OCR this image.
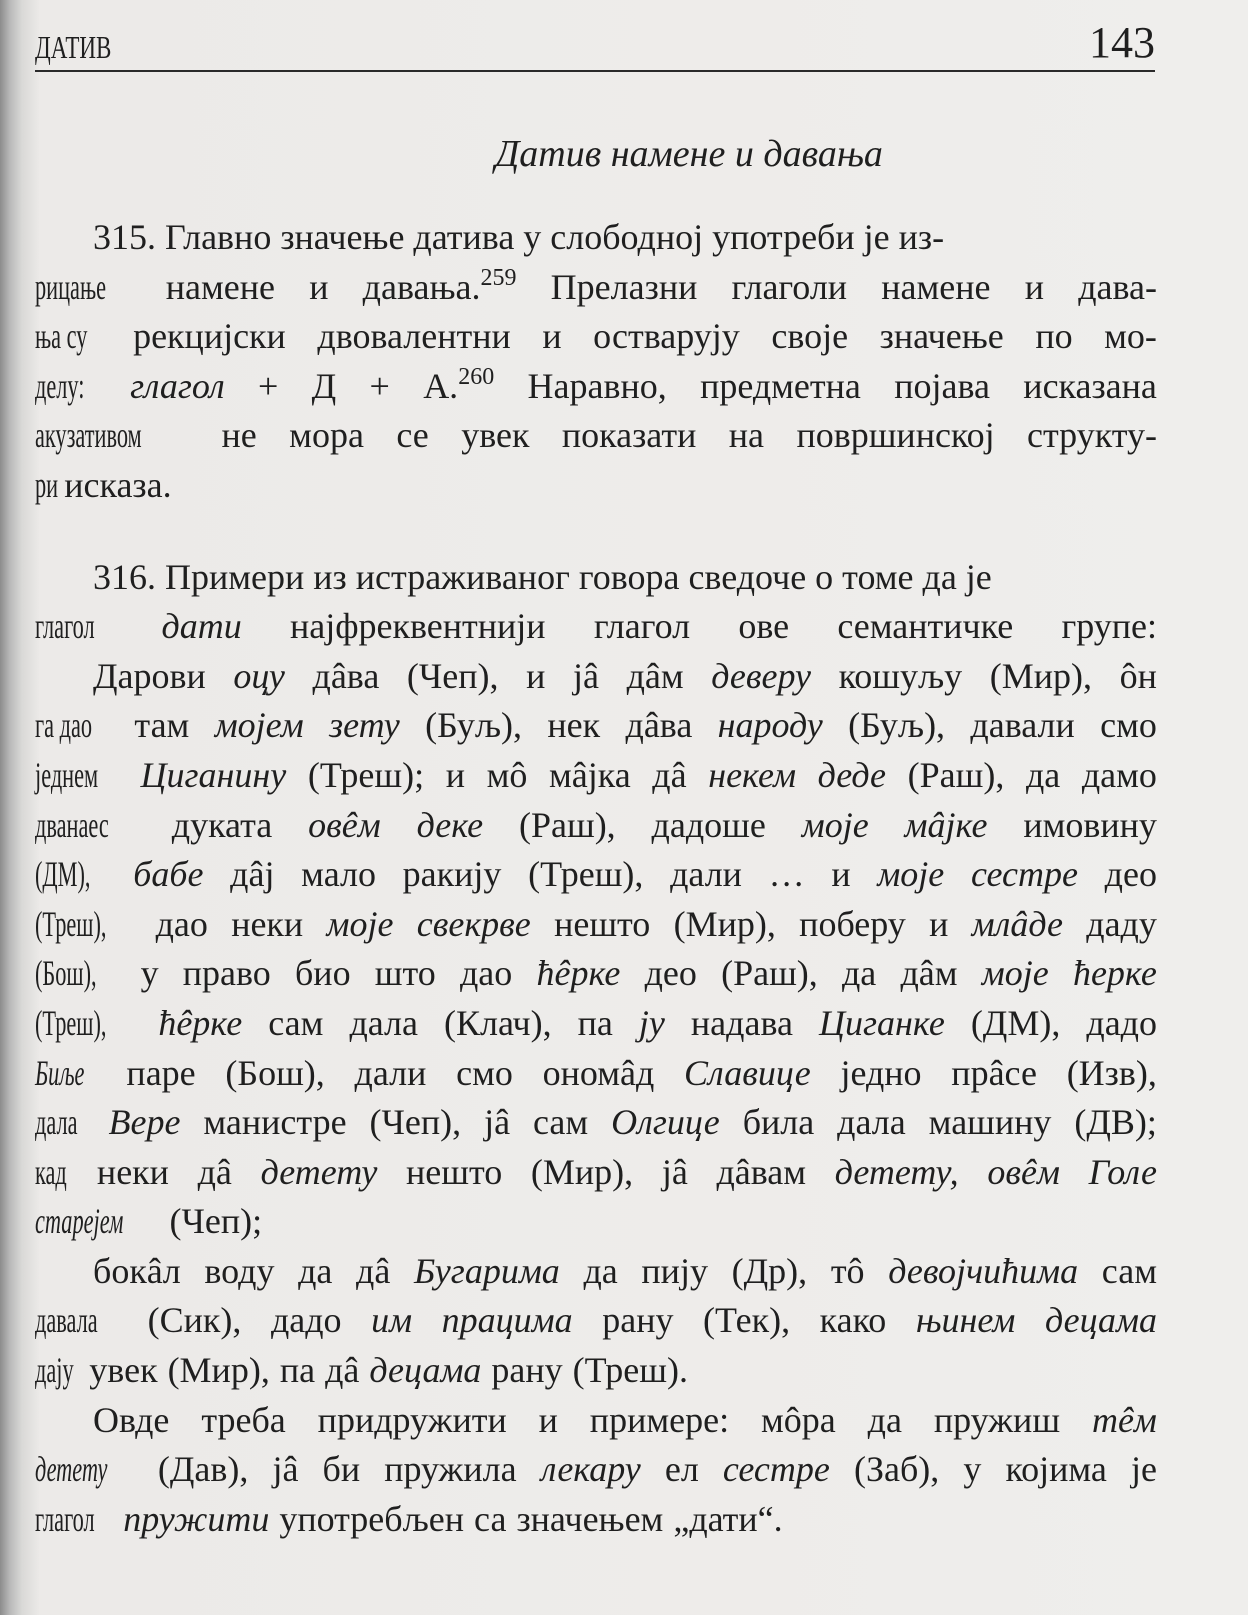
ДАТИВ	143
Датив намене и давања
315. Главно значење датива у слободној употреби је из-
рицање намене и давања.$^{259}$ Прелазни глаголи намене и дава-
ња су рекцијски двовалентни и остварују своје значење по мо-
делу: глагол + Д + А.$^{260}$ Наравно, предметна појава исказана
акузативом не мора се увек показати на површинској структу-
ри исказа.
316. Примери из истраживаног говора сведоче о томе да је
глагол дати најфреквентнији глагол ове семантичке групе:
Дарови оцу дâва (Чеп), и јâ дâм деверу кошуљу (Мир), ôн
га дао там мојем зету (Буљ), нек дâва народу (Буљ), давали смо
једнем Циганину (Треш); и мô мâјка дâ некем деде (Раш), да дамо
дванаес дуката овêм деке (Раш), дадоше моје мâјке имовину
(ДМ), бабе дâј мало ракију (Треш), дали … и моје сестре део
(Треш), дао неки моје свекрве нешто (Мир), поберу и млâде даду
(Бош), у право био што дао ћêрке део (Раш), да дâм моје ћерке
(Треш), ћêрке сам дала (Клач), па ју надава Циганке (ДМ), дадо
Биље паре (Бош), дали смо ономâд Славице једно прâсе (Изв),
дала Вере манистре (Чеп), јâ сам Олгице била дала машину (ДВ);
кад неки дâ детету нешто (Мир), јâ дâвам детету, овêм Голе
старејем (Чеп);
бокâл воду да дâ Бугарима да пију (Др), тô девојчићима сам
давала (Сик), дадо им працима рану (Тек), како њинем децама
дају увек (Мир), па дâ децама рану (Треш).
Овде треба придружити и примере: мôра да пружиш тêм
детету (Дав), јâ би пружила лекару ел сестре (Заб), у којима је
глагол пружити употребљен са значењем „дати“.
